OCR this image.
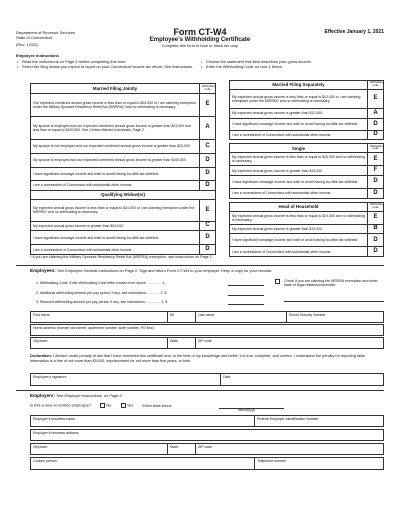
Department of Revenue Services
State of Connecticut
(Rev. 12/20)
Form CT-W4
Employee’s Withholding Certificate
Complete this form in blue or black ink only.
Effective January 1, 2021
Employee Instructions
• Read the instructions on Page 2 before completing this form.
• Select the filing status you expect to report on your Connecticut income tax return. See instructions.
• Choose the statement that best describes your gross income.
• Enter the Withholding Code on Line 1 below.
Married Filing Jointly	Withholding Code
Our expected combined annual gross income is less than or equal to $24,000 or I am claiming exemption under the Military Spouses Residency Relief Act (MSRRA)* and no withholding is necessary.	E
My spouse is employed and our expected combined annual gross income is greater than $24,000 and less than or equal to $100,500. See Certain Married Individuals, Page 2.	A
My spouse is not employed and our expected combined annual gross income is greater than $24,000.	C
My spouse is employed and our expected combined annual gross income is greater than $100,500.	D
I have significant nonwage income and wish to avoid having too little tax withheld.	D
I am a nonresident of Connecticut with substantial other income.	D
Qualifying Widow(er)	
My expected annual gross income is less than or equal to $24,000 or I am claiming exemption under the MSRRA* and no withholding is necessary.	E
My expected annual gross income is greater than $24,000.	C
I have significant nonwage income and wish to avoid having too little tax withheld.	D
I am a nonresident of Connecticut with substantial other income.	D
Married Filing Separately	Withholding Code
My expected annual gross income is less than or equal to $12,000 or I am claiming exemption under the MSRRA* and no withholding is necessary.	E
My expected annual gross income is greater than $12,000.	A
I have significant nonwage income and wish to avoid having too little tax withheld.	D
I am a nonresident of Connecticut with substantial other income.	D
Single	Withholding Code
My expected annual gross income is less than or equal to $15,000 and no withholding is necessary.	E
My expected annual gross income is greater than $15,000.	F
I have significant nonwage income and wish to avoid having too little tax withheld.	D
I am a nonresident of Connecticut with substantial other income.	D
Head of Household	Withholding Code
My expected annual gross income is less than or equal to $19,000 and no withholding is necessary.	E
My expected annual gross income is greater than $19,000.	B
I have significant nonwage income and wish to avoid having too little tax withheld.	D
I am a nonresident of Connecticut with substantial other income.	D
* If you are claiming the Military Spouses Residency Relief Act (MSRRA) exemption, see instructions on Page 2.
Employees: See Employee General Instructions on Page 2. Sign and return Form CT-W4 to your employer. Keep a copy for your records.
1. Withholding Code: Enter Withholding Code letter chosen from above. .............. 1.
2. Additional withholding amount per pay period: If any, see instructions. ............ 2. $
3. Reduced withholding amount per pay period: If any, see instructions. .............. 3. $
Check if you are claiming the MSRRA exemption and enter state of legal residence/domicile:
First name	MI	Last name	Social Security Number
Home address (number and street, apartment number, suite number, PO Box)
City/town	State	ZIP code
Declaration: I declare under penalty of law that I have examined this certificate and, to the best of my knowledge and belief, it is true, complete, and correct. I understand the penalty for reporting false information is a fine of not more than $5,000, imprisonment for not more than five years, or both.
Employee’s signature	Date
Employers: See Employer Instructions, on Page 2.
Is this a new or rehired employee?	No	Yes Enter date hired:
mm/dd/yyyy
Employer’s business name	Federal Employer Identification Number
Employer’s business address
City/town	State	ZIP code
Contact person	Telephone number
